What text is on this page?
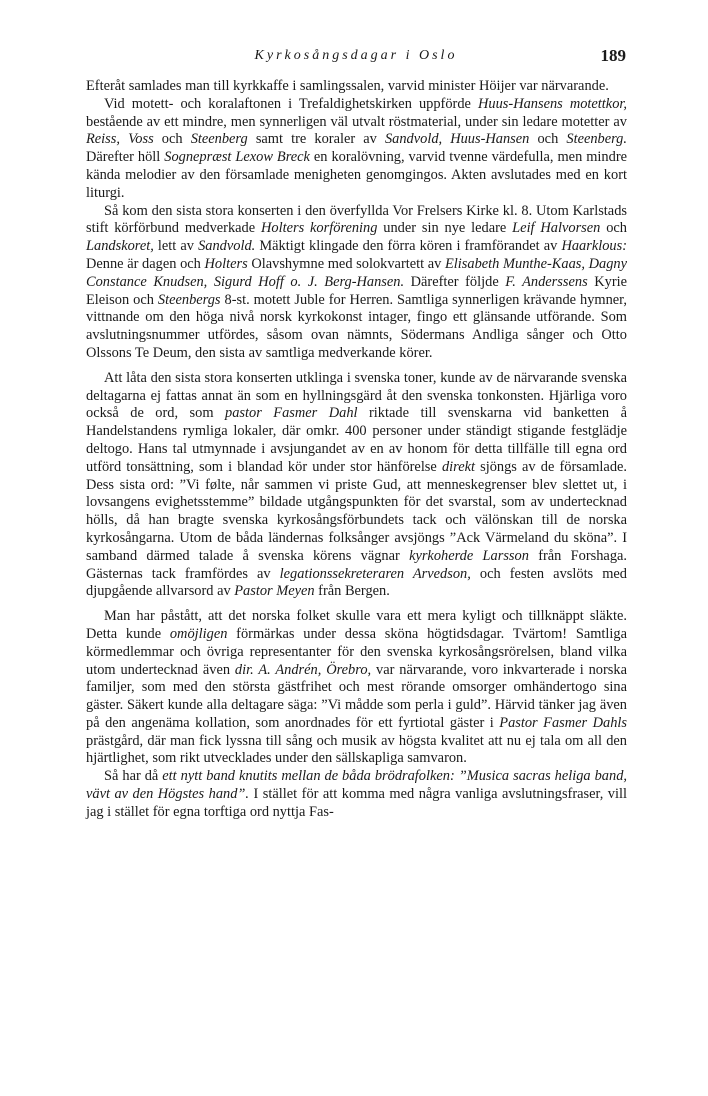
Kyrkosångsdagar i Oslo	189

Efteråt samlades man till kyrkkaffe i samlingssalen, varvid minister Höijer var närvarande.

Vid motett- och koralaftonen i Trefaldighetskirken uppförde Huus-Hansens motettkor, bestående av ett mindre, men synnerligen väl utvalt röstmaterial, under sin ledare motetter av Reiss, Voss och Steenberg samt tre koraler av Sandvold, Huus-Hansen och Steenberg. Därefter höll Sognepræst Lexow Breck en koralövning, varvid tvenne värdefulla, men mindre kända melodier av den församlade menigheten genomgingos. Akten avslutades med en kort liturgi.

Så kom den sista stora konserten i den överfyllda Vor Frelsers Kirke kl. 8. Utom Karlstads stift körförbund medverkade Holters korförening under sin nye ledare Leif Halvorsen och Landskoret, lett av Sandvold. Mäktigt klingade den förra kören i framförandet av Haarklous: Denne är dagen och Holters Olavshymne med solokvartett av Elisabeth Munthe-Kaas, Dagny Constance Knudsen, Sigurd Hoff o. J. Berg-Hansen. Därefter följde F. Anderssens Kyrie Eleison och Steenbergs 8-st. motett Juble for Herren. Samtliga synnerligen krävande hymner, vittnande om den höga nivå norsk kyrkokonst intager, fingo ett glänsande utförande. Som avslutningsnummer utfördes, såsom ovan nämnts, Södermans Andliga sånger och Otto Olssons Te Deum, den sista av samtliga medverkande körer.

Att låta den sista stora konserten utklinga i svenska toner, kunde av de närvarande svenska deltagarna ej fattas annat än som en hyllningsgärd åt den svenska tonkonsten. Hjärliga voro också de ord, som pastor Fasmer Dahl riktade till svenskarna vid banketten å Handelstandens rymliga lokaler, där omkr. 400 personer under ständigt stigande festglädje deltogo. Hans tal utmynnade i avsjungandet av en av honom för detta tillfälle till egna ord utförd tonsättning, som i blandad kör under stor hänförelse direkt sjöngs av de församlade. Dess sista ord: ”Vi følte, når sammen vi priste Gud, att menneskegrenser blev slettet ut, i lovsangens evighetsstemme” bildade utgångspunkten för det svarstal, som av undertecknad hölls, då han bragte svenska kyrkosångsförbundets tack och välönskan till de norska kyrkosångarna. Utom de båda ländernas folksånger avsjöngs ”Ack Värmeland du sköna”. I samband därmed talade å svenska körens vägnar kyrkoherde Larsson från Forshaga. Gästernas tack framfördes av legationssekreteraren Arvedson, och festen avslöts med djupgående allvarsord av Pastor Meyen från Bergen.

Man har påstått, att det norska folket skulle vara ett mera kyligt och tillknäppt släkte. Detta kunde omöjligen förmärkas under dessa sköna högtidsdagar. Tvärtom! Samtliga körmedlemmar och övriga representanter för den svenska kyrkosångsrörelsen, bland vilka utom undertecknad även dir. A. Andrén, Örebro, var närvarande, voro inkvarterade i norska familjer, som med den största gästfrihet och mest rörande omsorger omhändertogo sina gäster. Säkert kunde alla deltagare säga: ”Vi mådde som perla i guld”. Härvid tänker jag även på den angenäma kollation, som anordnades för ett fyrtiotal gäster i Pastor Fasmer Dahls prästgård, där man fick lyssna till sång och musik av högsta kvalitet att nu ej tala om all den hjärtlighet, som rikt utvecklades under den sällskapliga samvaron.

Så har då ett nytt band knutits mellan de båda brödrafolken: ”Musica sacras heliga band, vävt av den Högstes hand”. I stället för att komma med några vanliga avslutningsfraser, vill jag i stället för egna torftiga ord nyttja Fas-
